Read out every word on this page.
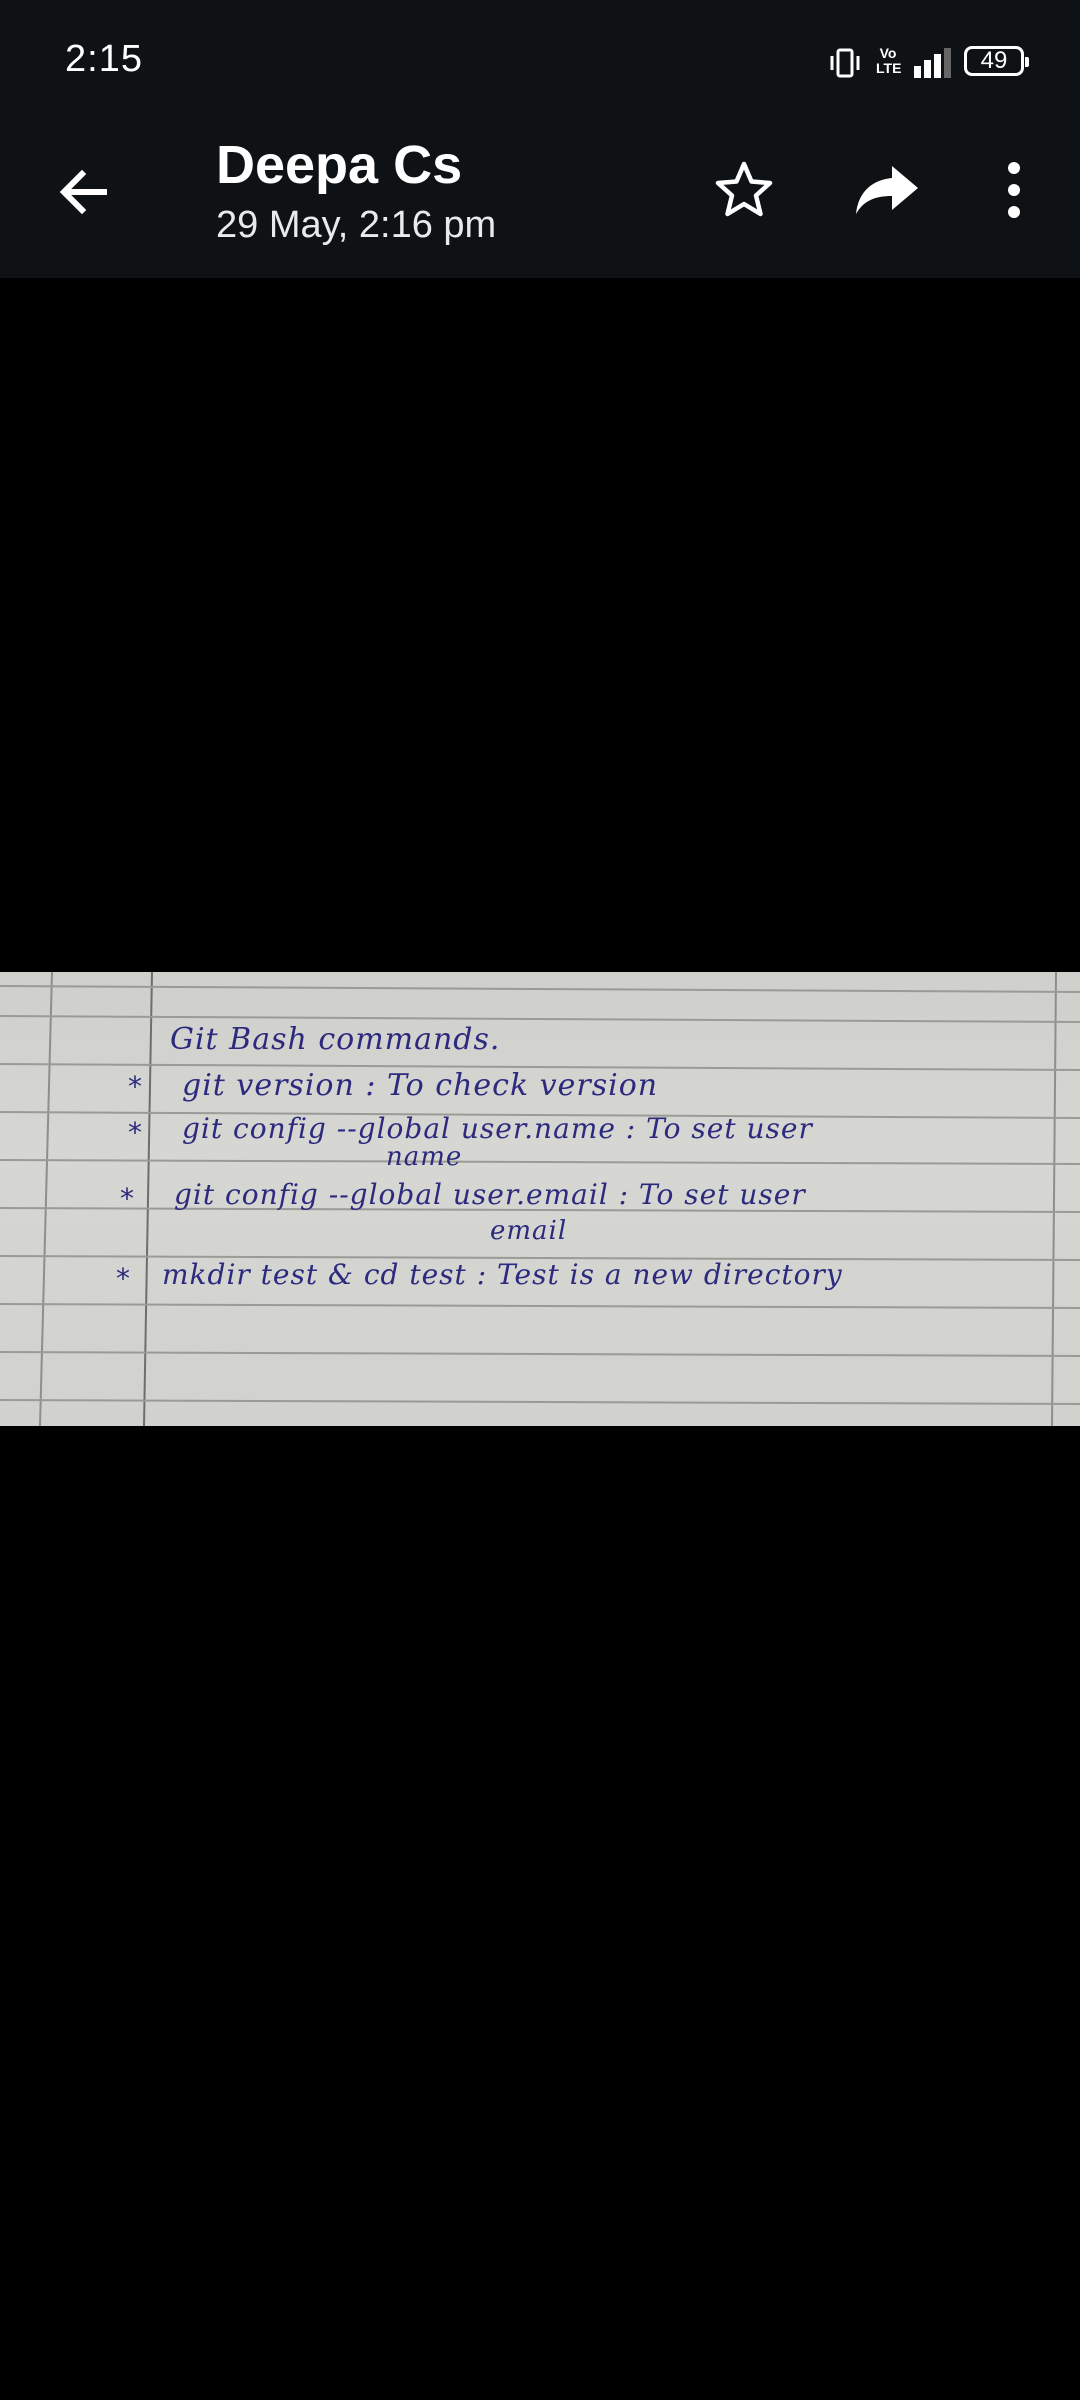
2:15	Vo LTE	49
Deepa Cs
29 May, 2:16 pm
Git Bash commands.
* git version : To check version
* git config --global user.name : To set user
name
* git config --global user.email : To set user
email
* mkdir test & cd test : Test is a new directory
